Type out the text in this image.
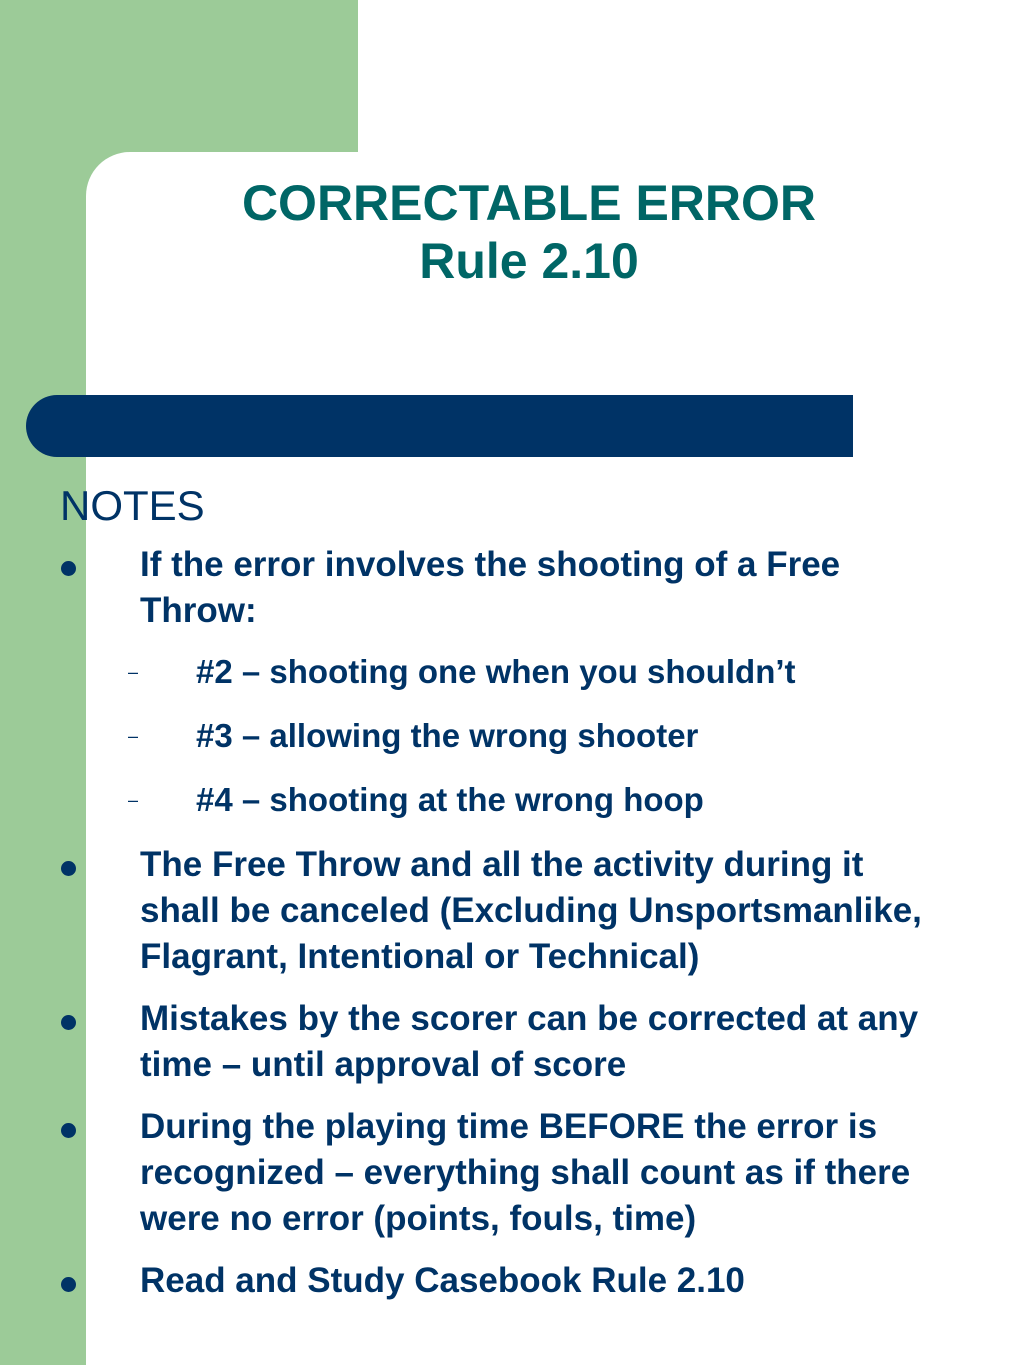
CORRECTABLE ERROR
Rule 2.10
NOTES
If the error involves the shooting of a Free Throw:
– #2 – shooting one when you shouldn’t
– #3 – allowing the wrong shooter
– #4 – shooting at the wrong hoop
The Free Throw and all the activity during it shall be canceled (Excluding Unsportsmanlike, Flagrant, Intentional or Technical)
Mistakes by the scorer can be corrected at any time – until approval of score
During the playing time BEFORE the error is recognized – everything shall count as if there were no error (points, fouls, time)
Read and Study Casebook Rule 2.10
